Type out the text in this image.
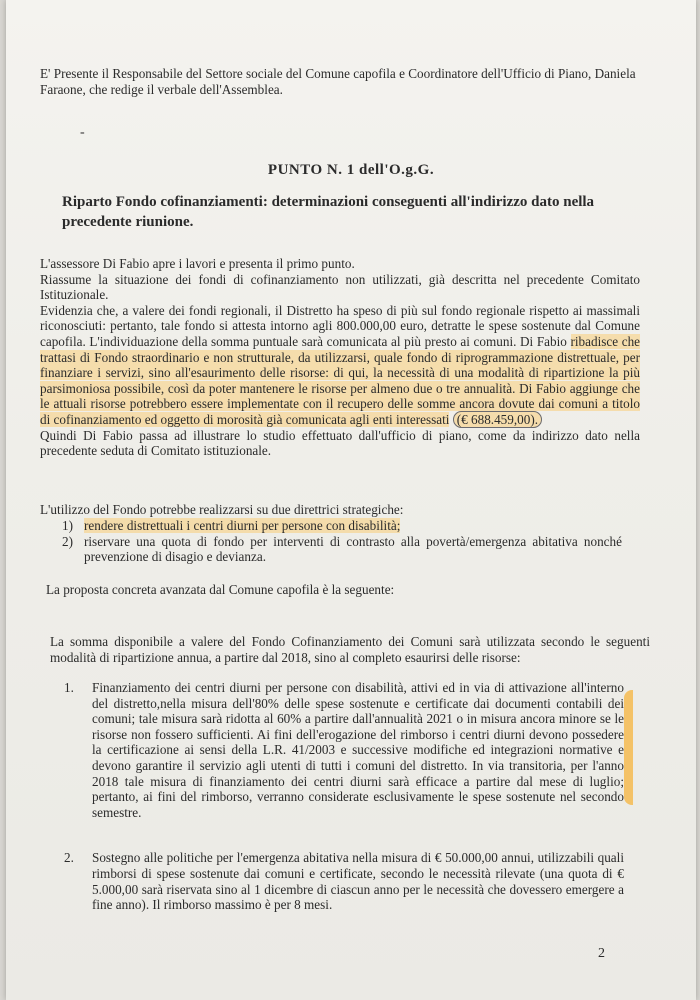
E' Presente il Responsabile del Settore sociale del Comune capofila e Coordinatore dell'Ufficio di Piano, Daniela Faraone, che redige il verbale dell'Assemblea.
-
PUNTO N. 1 dell'O.g.G.
Riparto Fondo cofinanziamenti: determinazioni conseguenti all'indirizzo dato nella precedente riunione.

L'assessore Di Fabio apre i lavori e presenta il primo punto.

Riassume la situazione dei fondi di cofinanziamento non utilizzati, già descritta nel precedente Comitato Istituzionale.

Evidenzia che, a valere dei fondi regionali, il Distretto ha speso di più sul fondo regionale rispetto ai massimali riconosciuti: pertanto, tale fondo si attesta intorno agli 800.000,00 euro, detratte le spese sostenute dal Comune capofila. L'individuazione della somma puntuale sarà comunicata al più presto ai comuni. Di Fabio ribadisce che trattasi di Fondo straordinario e non strutturale, da utilizzarsi, quale fondo di riprogrammazione distrettuale, per finanziare i servizi, sino all'esaurimento delle risorse: di qui, la necessità di una modalità di ripartizione la più parsimoniosa possibile, così da poter mantenere le risorse per almeno due o tre annualità. Di Fabio aggiunge che le attuali risorse potrebbero essere implementate con il recupero delle somme ancora dovute dai comuni a titolo di cofinanziamento ed oggetto di morosità già comunicata agli enti interessati (€ 688.459,00).

Quindi Di Fabio passa ad illustrare lo studio effettuato dall'ufficio di piano, come da indirizzo dato nella precedente seduta di Comitato istituzionale.

L'utilizzo del Fondo potrebbe realizzarsi su due direttrici strategiche:
1) rendere distrettuali i centri diurni per persone con disabilità;
2) riservare una quota di fondo per interventi di contrasto alla povertà/emergenza abitativa nonché prevenzione di disagio e devianza.
La proposta concreta avanzata dal Comune capofila è la seguente:
La somma disponibile a valere del Fondo Cofinanziamento dei Comuni sarà utilizzata secondo le seguenti modalità di ripartizione annua, a partire dal 2018, sino al completo esaurirsi delle risorse:
1.	Finanziamento dei centri diurni per persone con disabilità, attivi ed in via di attivazione all'interno del distretto,nella misura dell'80% delle spese sostenute e certificate dai documenti contabili dei comuni; tale misura sarà ridotta al 60% a partire dall'annualità 2021 o in misura ancora minore se le risorse non fossero sufficienti. Ai fini dell'erogazione del rimborso i centri diurni devono possedere la certificazione ai sensi della L.R. 41/2003 e successive modifiche ed integrazioni normative e devono garantire il servizio agli utenti di tutti i comuni del distretto. In via transitoria, per l'anno 2018 tale misura di finanziamento dei centri diurni sarà efficace a partire dal mese di luglio; pertanto, ai fini del rimborso, verranno considerate esclusivamente le spese sostenute nel secondo semestre.
2.	Sostegno alle politiche per l'emergenza abitativa nella misura di € 50.000,00 annui, utilizzabili quali rimborsi di spese sostenute dai comuni e certificate, secondo le necessità rilevate (una quota di € 5.000,00 sarà riservata sino al 1 dicembre di ciascun anno per le necessità che dovessero emergere a fine anno). Il rimborso massimo è per 8 mesi.
2
